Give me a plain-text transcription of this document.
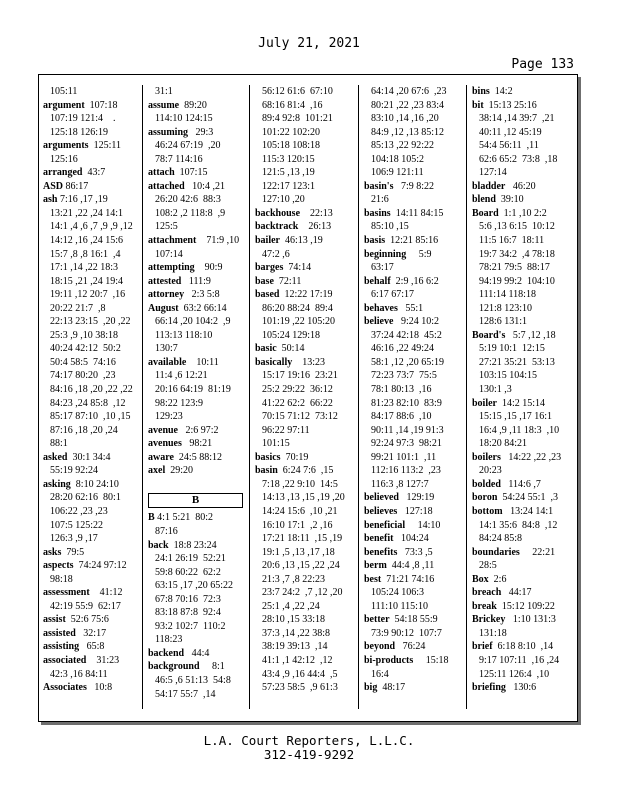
July 21, 2021
Page 133
105:11
argument  107:18
107:19 121:4    .
125:18 126:19
arguments  125:11
125:16
arranged  43:7
ASD 86:17
ash 7:16 ,17 ,19
13:21 ,22 ,24 14:1
14:1 ,4 ,6 ,7 ,9 ,9 ,12
14:12 ,16 ,24 15:6
15:7 ,8 ,8 16:1  ,4
17:1 ,14 ,22 18:3
18:15 ,21 ,24 19:4
19:11 ,12 20:7  ,16
20:22 21:7  ,8
22:13 23:15  ,20 ,22
25:3 ,9 ,10 38:18
40:24 42:12  50:2
50:4 58:5  74:16
74:17 80:20  ,23
84:16 ,18 ,20 ,22 ,22
84:23 ,24 85:8  ,12
85:17 87:10  ,10 ,15
87:16 ,18 ,20 ,24
88:1
asked  30:1 34:4
55:19 92:24
asking  8:10 24:10
28:20 62:16  80:1
106:22 ,23 ,23
107:5 125:22
126:3 ,9 ,17
asks  79:5
aspects  74:24 97:12
98:18
assessment    41:12
42:19 55:9  62:17
assist  52:6 75:6
assisted   32:17
assisting   65:8
associated    31:23
42:3 ,16 84:11
Associates   10:8
31:1
assume  89:20
114:10 124:15
assuming   29:3
46:24 67:19  ,20
78:7 114:16
attach  107:15
attached   10:4 ,21
26:20 42:6  88:3
108:2 ,2 118:8  ,9
125:5
attachment    71:9 ,10
107:14
attempting    90:9
attested   111:9
attorney   2:3 5:8
August  63:2 66:14
66:14 ,20 104:2  ,9
113:13 118:10
130:7
available    10:11
11:4 ,6 12:21
20:16 64:19  81:19
98:22 123:9
129:23
avenue   2:6 97:2
avenues   98:21
aware  24:5 88:12
axel  29:20
B
B 4:1 5:21  80:2
87:16
back  18:8 23:24
24:1 26:19  52:21
59:8 60:22  62:2
63:15 ,17 ,20 65:22
67:8 70:16  72:3
83:18 87:8  92:4
93:2 102:7  110:2
118:23
backend   44:4
background     8:1
46:5 ,6 51:13  54:8
54:17 55:7  ,14
56:12 61:6  67:10
68:16 81:4  ,16
89:4 92:8  101:21
101:22 102:20
105:18 108:18
115:3 120:15
121:5 ,13 ,19
122:17 123:1
127:10 ,20
backhouse    22:13
backtrack    26:13
bailer  46:13 ,19
47:2 ,6
barges  74:14
base  72:11
based  12:22 17:19
86:20 88:24  89:4
101:19 ,22 105:20
105:24 129:18
basic  50:14
basically    13:23
15:17 19:16  23:21
25:2 29:22  36:12
41:22 62:2  66:22
70:15 71:12  73:12
96:22 97:11
101:15
basics  70:19
basin  6:24 7:6  ,15
7:18 ,22 9:10  14:5
14:13 ,13 ,15 ,19 ,20
14:24 15:6  ,10 ,21
16:10 17:1  ,2 ,16
17:21 18:11  ,15 ,19
19:1 ,5 ,13 ,17 ,18
20:6 ,13 ,15 ,22 ,24
21:3 ,7 ,8 22:23
23:7 24:2  ,7 ,12 ,20
25:1 ,4 ,22 ,24
28:10 ,15 33:18
37:3 ,14 ,22 38:8
38:19 39:13  ,14
41:1 ,1 42:12  ,12
43:4 ,9 ,16 44:4  ,5
57:23 58:5  ,9 61:3
64:14 ,20 67:6  ,23
80:21 ,22 ,23 83:4
83:10 ,14 ,16 ,20
84:9 ,12 ,13 85:12
85:13 ,22 92:22
104:18 105:2
106:9 121:11
basin's   7:9 8:22
21:6
basins  14:11 84:15
85:10 ,15
basis  12:21 85:16
beginning     5:9
63:17
behalf  2:9 ,16 6:2
6:17 67:17
behaves   55:1
believe   9:24 10:2
37:24 42:18  45:2
46:16 ,22 49:24
58:1 ,12 ,20 65:19
72:23 73:7  75:5
78:1 80:13  ,16
81:23 82:10  83:9
84:17 88:6  ,10
90:11 ,14 ,19 91:3
92:24 97:3  98:21
99:21 101:1  ,11
112:16 113:2  ,23
116:3 ,8 127:7
believed   129:19
believes   127:18
beneficial     14:10
benefit   104:24
benefits   73:3 ,5
berm  44:4 ,8 ,11
best  71:21 74:16
105:24 106:3
111:10 115:10
better  54:18 55:9
73:9 90:12  107:7
beyond   76:24
bi-products     15:18
16:4
big  48:17
bins  14:2
bit  15:13 25:16
38:14 ,14 39:7  ,21
40:11 ,12 45:19
54:4 56:11  ,11
62:6 65:2  73:8  ,18
127:14
bladder   46:20
blend  39:10
Board  1:1 ,10 2:2
5:6 ,13 6:15  10:12
11:5 16:7  18:11
19:7 34:2  ,4 78:18
78:21 79:5  88:17
94:19 99:2  104:10
111:14 118:18
121:8 123:10
128:6 131:1
Board's   5:7 ,12 ,18
5:19 10:1  12:15
27:21 35:21  53:13
103:15 104:15
130:1 ,3
boiler  14:2 15:14
15:15 ,15 ,17 16:1
16:4 ,9 ,11 18:3  ,10
18:20 84:21
boilers   14:22 ,22 ,23
20:23
bolded   114:6 ,7
boron  54:24 55:1  ,3
bottom   13:24 14:1
14:1 35:6  84:8  ,12
84:24 85:8
boundaries     22:21
28:5
Box  2:6
breach   44:17
break  15:12 109:22
Brickey   1:10 131:3
131:18
brief  6:18 8:10  ,14
9:17 107:11  ,16 ,24
125:11 126:4  ,10
briefing   130:6
L.A. Court Reporters, L.L.C.
312-419-9292
